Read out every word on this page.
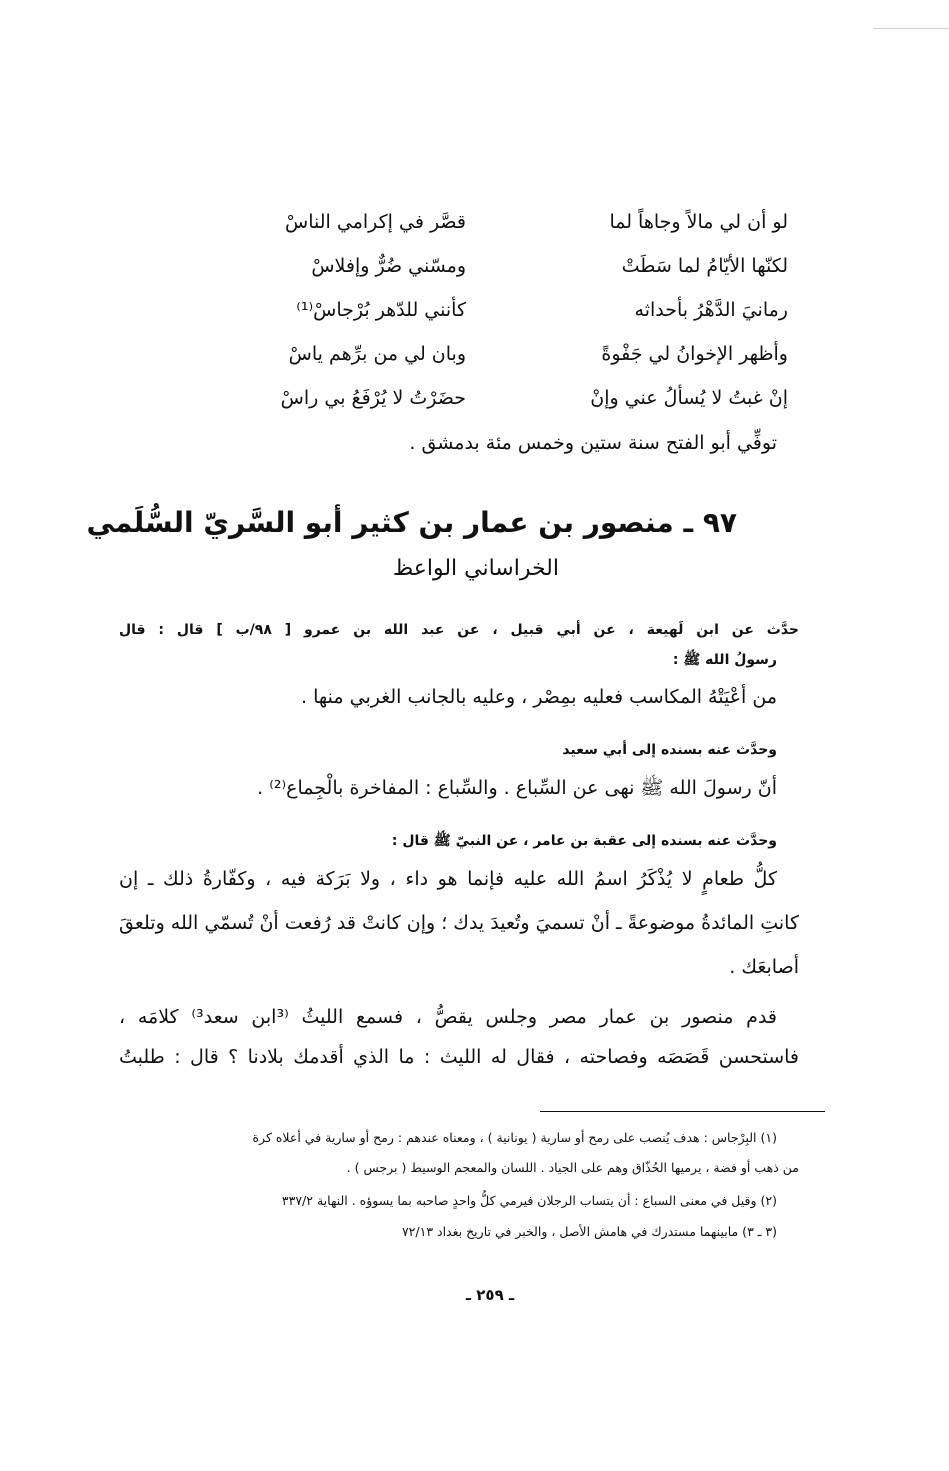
لو أن لي مالاً وجاهاً لما
قصَّر في إكرامي الناسْ
لكنّها الأيّامُ لما سَطَتْ
ومسّني ضُرٌّ وإفلاسْ
رمانيَ الدَّهْرُ بأحداثه
كأنني للدّهر بُرْجاسْ⁽¹⁾
وأظهر الإخوانُ لي جَفْوةً
وبان لي من برِّهم ياسْ
إنْ غبتُ لا يُسألُ عني وإنْ
حضَرْتُ لا يُرْفَعُ بي راسْ
توفِّي أبو الفتح سنة ستين وخمس مئة بدمشق .
٩٧ ـ منصور بن عمار بن كثير أبو السَّريّ السُّلَمي
الخراساني الواعظ
حدَّث عن ابن لَهيعة ، عن أبي قبيل ، عن عبد الله بن عمرو [ ٩٨/ب ] قال : قال
رسولُ الله ﷺ :
من أعْيَتْهُ المكاسب فعليه بمِصْر ، وعليه بالجانب الغربي منها .
وحدَّث عنه بسنده إلى أبي سعيد
أنّ رسولَ الله ﷺ نهى عن السِّباع . والسِّباع : المفاخرة بالْجِماع⁽²⁾ .
وحدَّث عنه بسنده إلى عقبة بن عامر ، عن النبيّ ﷺ قال :
كلُّ طعامٍ لا يُذْكَرُ اسمُ الله عليه فإنما هو داء ، ولا بَرَكة فيه ، وكفّارةُ ذلك ـ إن
كانتِ المائدةُ موضوعةً ـ أنْ تسميَ وتُعيدَ يدك ؛ وإن كانتْ قد رُفعت أنْ تُسمّي الله وتلعقَ
أصابعَك .
قدم منصور بن عمار مصر وجلس يقصُّ ، فسمع الليثُ ⁽³ابن سعد³⁾ كلامَه ،
فاستحسن قَصَصَه وفصاحته ، فقال له الليث : ما الذي أقدمك بلادنا ؟ قال : طلبتُ
(١) البِرْجاس : هدف يُنصب على رمح أو سارية ( يونانية ) ، ومعناه عندهم : رمح أو سارية في أعلاه كرة
من ذهب أو فضة ، يرميها الحُذّاق وهم على الجياد . اللسان والمعجم الوسيط ( برجس ) .
(٢) وقيل في معنى السباع : أن يتساب الرجلان فيرمي كلُّ واحدٍ صاحبه بما يسوؤه . النهاية ٣٣٧/٢
(٣ ـ ٣) مابينهما مستدرك في هامش الأصل ، والخبر في تاريخ بغداد ٧٢/١٣
ـ ٢٥٩ ـ
